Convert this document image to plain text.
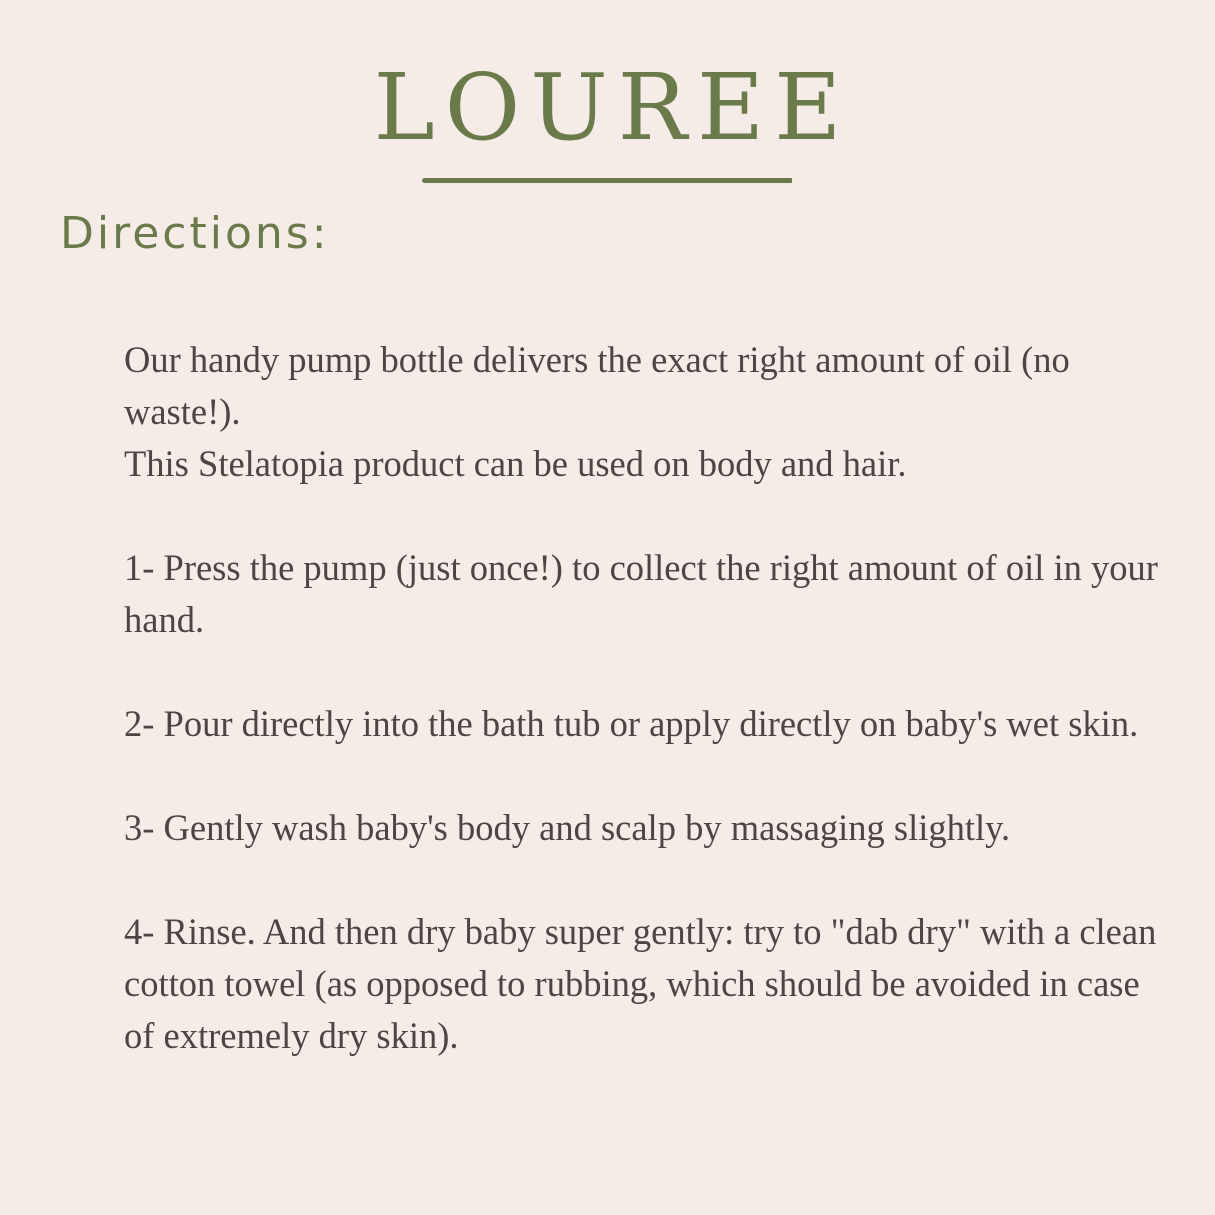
LOUREE
Directions:

Our handy pump bottle delivers the exact right amount of oil (no waste!).

This Stelatopia product can be used on body and hair.

1- Press the pump (just once!) to collect the right amount of oil in your hand.

2- Pour directly into the bath tub or apply directly on baby's wet skin.

3- Gently wash baby's body and scalp by massaging slightly.

4- Rinse. And then dry baby super gently: try to "dab dry" with a clean cotton towel (as opposed to rubbing, which should be avoided in case of extremely dry skin).
